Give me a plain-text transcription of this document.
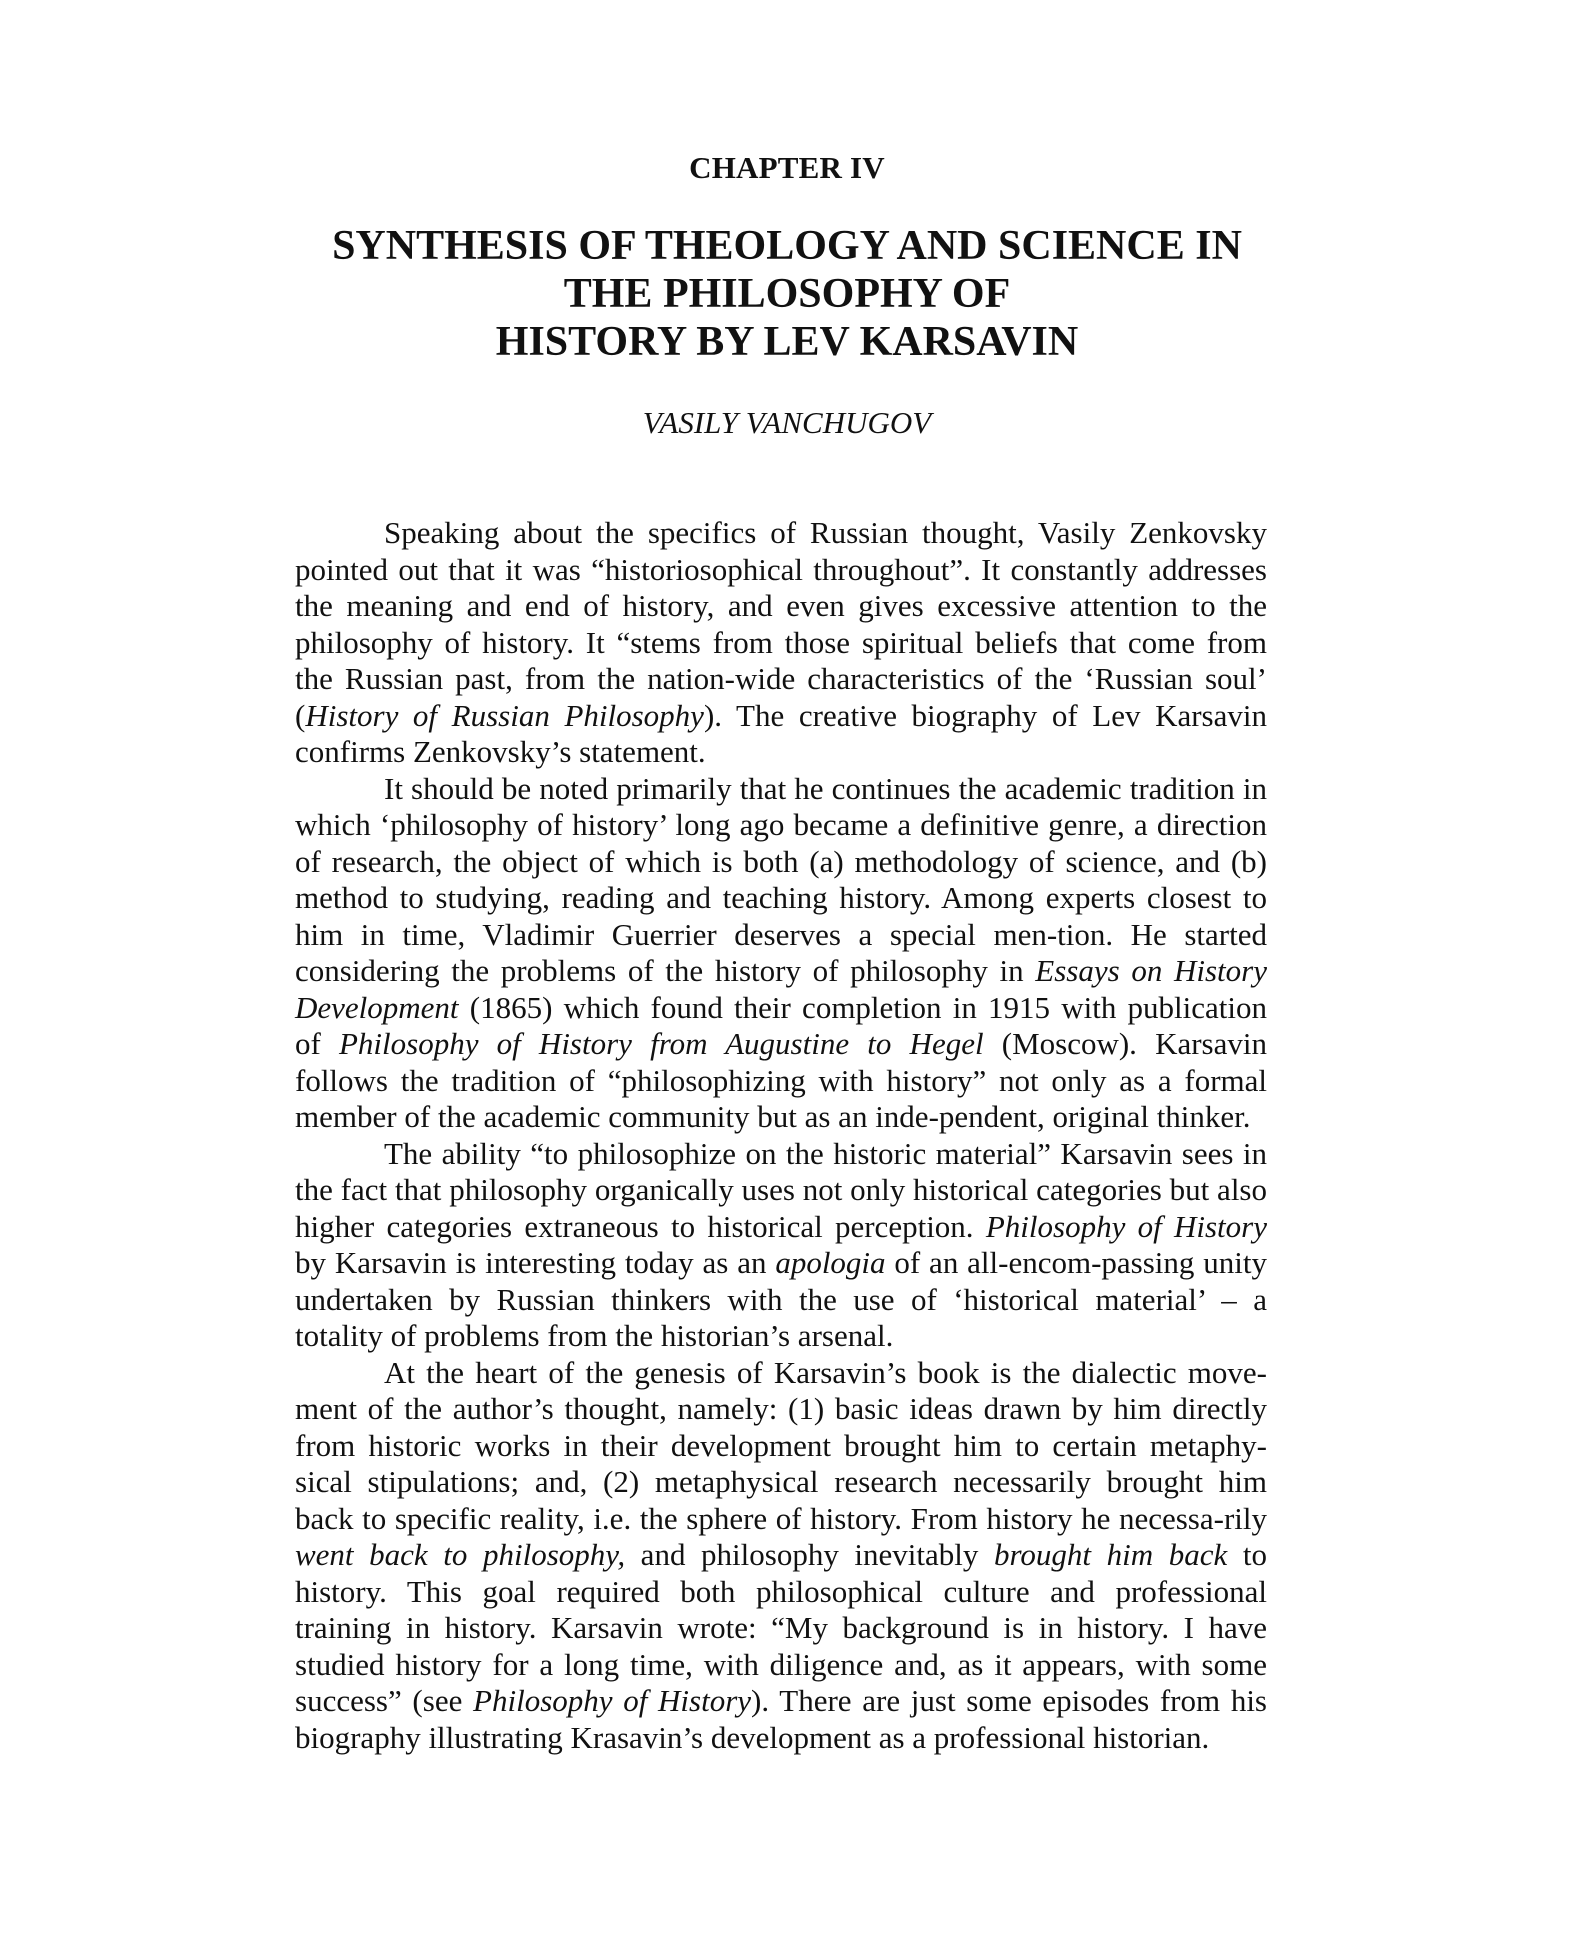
CHAPTER IV
SYNTHESIS OF THEOLOGY AND SCIENCE IN
THE PHILOSOPHY OF
HISTORY BY LEV KARSAVIN
VASILY VANCHUGOV

Speaking about the specifics of Russian thought, Vasily Zenkovsky pointed out that it was “historiosophical throughout”. It constantly addresses the meaning and end of history, and even gives excessive attention to the philosophy of history. It “stems from those spiritual beliefs that come from the Russian past, from the nation-wide characteristics of the ‘Russian soul’ (History of Russian Philosophy). The creative biography of Lev Karsavin confirms Zenkovsky’s statement.

It should be noted primarily that he continues the academic tradition in which ‘philosophy of history’ long ago became a definitive genre, a direction of research, the object of which is both (a) methodology of science, and (b) method to studying, reading and teaching history. Among experts closest to him in time, Vladimir Guerrier deserves a special men-tion. He started considering the problems of the history of philosophy in Essays on History Development (1865) which found their completion in 1915 with publication of Philosophy of History from Augustine to Hegel (Moscow). Karsavin follows the tradition of “philosophizing with history” not only as a formal member of the academic community but as an inde-pendent, original thinker.

The ability “to philosophize on the historic material” Karsavin sees in the fact that philosophy organically uses not only historical categories but also higher categories extraneous to historical perception. Philosophy of History by Karsavin is interesting today as an apologia of an all-encom-passing unity undertaken by Russian thinkers with the use of ‘historical material’ – a totality of problems from the historian’s arsenal.

At the heart of the genesis of Karsavin’s book is the dialectic move-ment of the author’s thought, namely: (1) basic ideas drawn by him directly from historic works in their development brought him to certain metaphy-sical stipulations; and, (2) metaphysical research necessarily brought him back to specific reality, i.e. the sphere of history. From history he necessa-rily went back to philosophy, and philosophy inevitably brought him back to history. This goal required both philosophical culture and professional training in history. Karsavin wrote: “My background is in history. I have studied history for a long time, with diligence and, as it appears, with some success” (see Philosophy of History). There are just some episodes from his biography illustrating Krasavin’s development as a professional historian.
